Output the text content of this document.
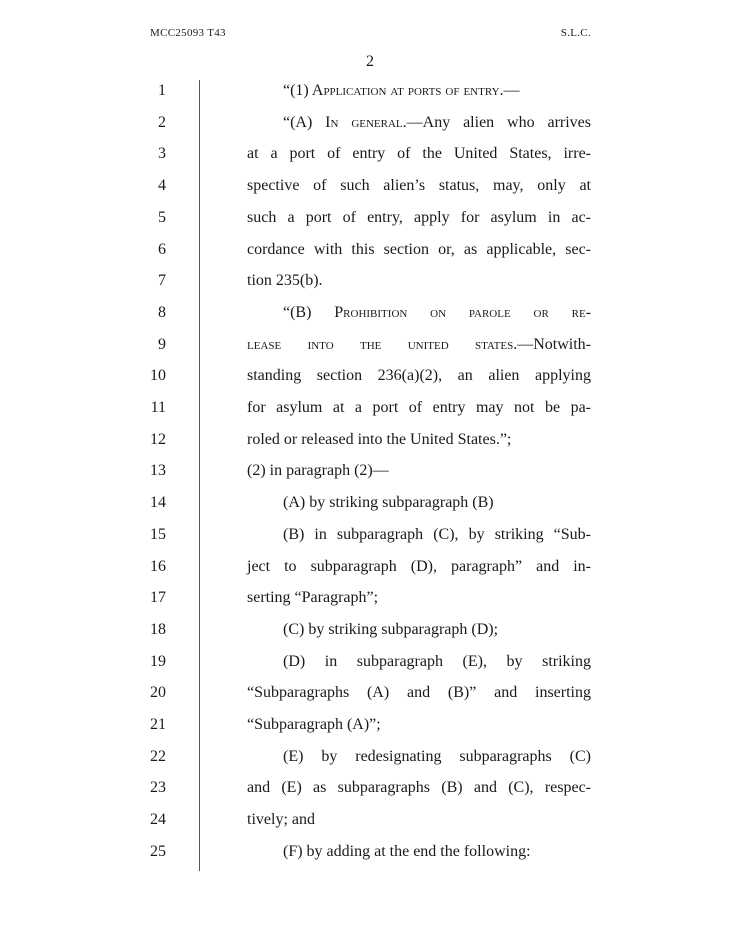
MCC25093 T43	S.L.C.
2
1	“(1) Application at ports of entry.—
2	“(A) In general.—Any alien who arrives
3	at a port of entry of the United States, irre-
4	spective of such alien’s status, may, only at
5	such a port of entry, apply for asylum in ac-
6	cordance with this section or, as applicable, sec-
7	tion 235(b).
8	“(B) Prohibition on parole or re-
9	lease into the united states.—Notwith-
10	standing section 236(a)(2), an alien applying
11	for asylum at a port of entry may not be pa-
12	roled or released into the United States.”;
13	(2) in paragraph (2)—
14	(A) by striking subparagraph (B)
15	(B) in subparagraph (C), by striking “Sub-
16	ject to subparagraph (D), paragraph” and in-
17	serting “Paragraph”;
18	(C) by striking subparagraph (D);
19	(D) in subparagraph (E), by striking
20	“Subparagraphs (A) and (B)” and inserting
21	“Subparagraph (A)”;
22	(E) by redesignating subparagraphs (C)
23	and (E) as subparagraphs (B) and (C), respec-
24	tively; and
25	(F) by adding at the end the following:
